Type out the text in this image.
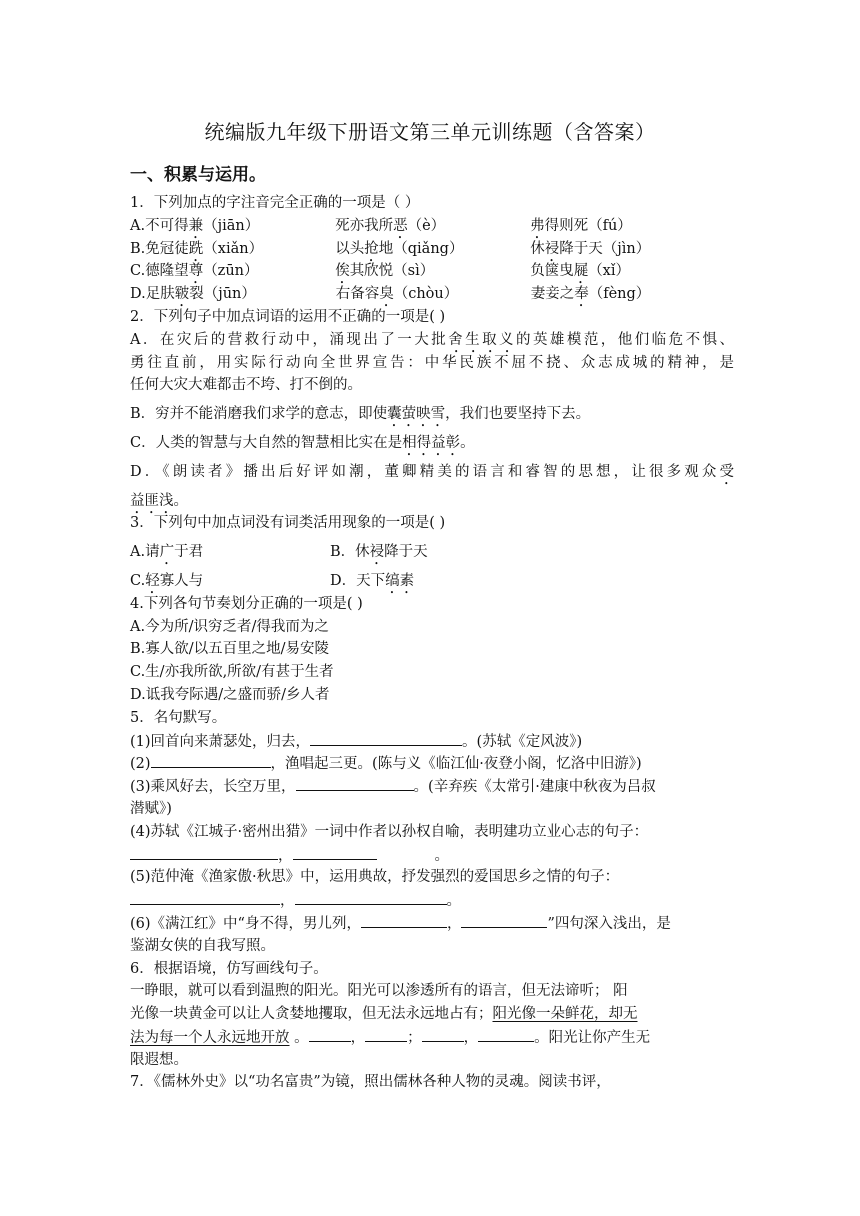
统编版九年级下册语文第三单元训练题（含答案）
一、积累与运用。
1．下列加点的字注音完全正确的一项是（ ）
A.不可得兼（jiān）	死亦我所恶（è）	弗得则死（fú）
B.免冠徒跣（xiǎn）	以头抢地（qiǎng）	休祲降于天（jìn）
C.德隆望尊（zūn）	俟其欣悦（sì）	负箧曳屣（xǐ）
D.足肤皲裂（jūn）	右备容臭（chòu）	妻妾之奉（fèng）
2．下列句子中加点词语的运用不正确的一项是( )
A．在灾后的营救行动中，涌现出了一大批舍生取义的英雄模范，他们临危不惧、
勇往直前，用实际行动向全世界宣告：中华民族不屈不挠、众志成城的精神，是
任何大灾大难都击不垮、打不倒的。
B．穷并不能消磨我们求学的意志，即使囊萤映雪，我们也要坚持下去。
C．人类的智慧与大自然的智慧相比实在是相得益彰。
D．《朗读者》播出后好评如潮，董卿精美的语言和睿智的思想，让很多观众受
益匪浅。
3．下列句中加点词没有词类活用现象的一项是( )
A.请广于君	B．休祲降于天
C.轻寡人与	D．天下缟素
4.下列各句节奏划分正确的一项是( )
A.今为所/识穷乏者/得我而为之
B.寡人欲/以五百里之地/易安陵
C.生/亦我所欲,所欲/有甚于生者
D.诋我夸际遇/之盛而骄/乡人者
5．名句默写。
(1)回首向来萧瑟处，归去，	。(苏轼《定风波》)
(2)	，渔唱起三更。(陈与义《临江仙·夜登小阁，忆洛中旧游》)
(3)乘风好去，长空万里，	。(辛弃疾《太常引·建康中秋夜为吕叔
潜赋》)
(4)苏轼《江城子·密州出猎》一词中作者以孙权自喻，表明建功立业心志的句子：
，	。
(5)范仲淹《渔家傲·秋思》中，运用典故，抒发强烈的爱国思乡之情的句子：
，	。
(6)《满江红》中“身不得，男儿列，	，	”四句深入浅出，是
鉴湖女侠的自我写照。
6．根据语境，仿写画线句子。
一睁眼，就可以看到温煦的阳光。阳光可以渗透所有的语言，但无法谛听； 阳
光像一块黄金可以让人贪婪地攫取，但无法永远地占有；阳光像一朵鲜花，却无
法为每一个人永远地开放 。	，	；	，	。阳光让你产生无
限遐想。
7．《儒林外史》以“功名富贵”为镜，照出儒林各种人物的灵魂。阅读书评，
